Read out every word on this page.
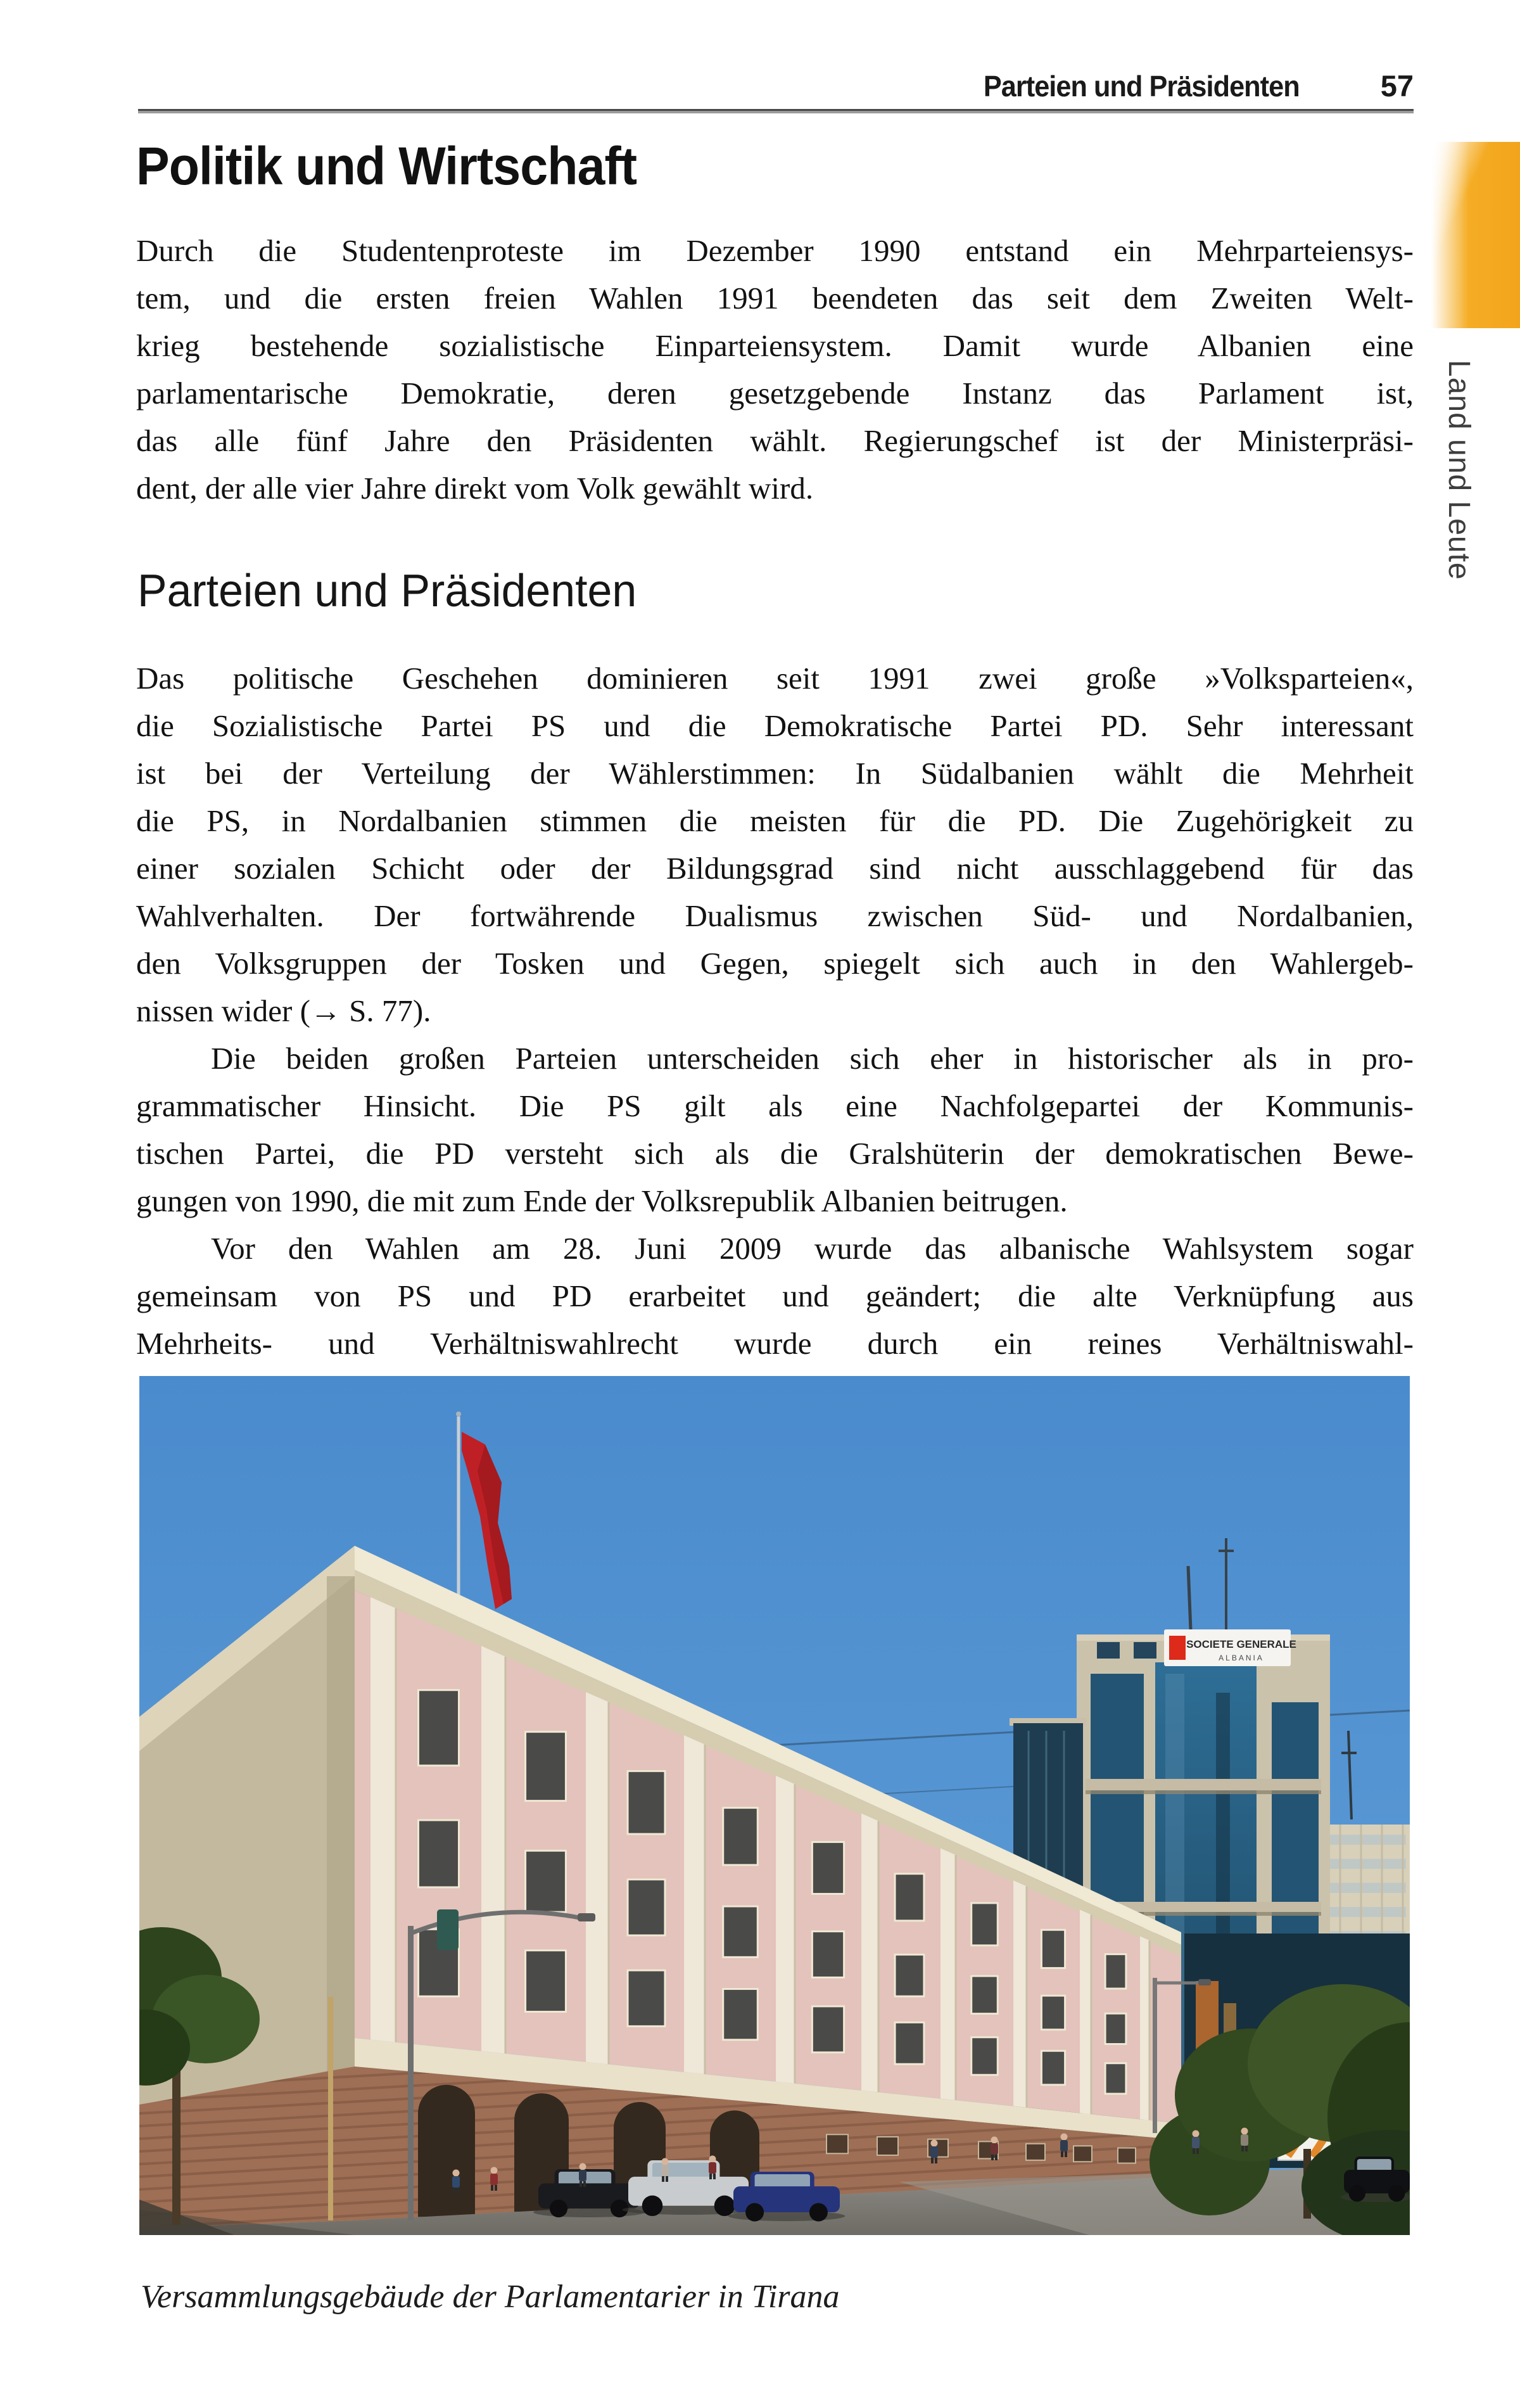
Parteien und Präsidenten	57
Politik und Wirtschaft
Durch die Studentenproteste im Dezember 1990 entstand ein Mehrparteiensys-
tem, und die ersten freien Wahlen 1991 beendeten das seit dem Zweiten Welt-
krieg bestehende sozialistische Einparteiensystem. Damit wurde Albanien eine
parlamentarische Demokratie, deren gesetzgebende Instanz das Parlament ist,
das alle fünf Jahre den Präsidenten wählt. Regierungschef ist der Ministerpräsi-
dent, der alle vier Jahre direkt vom Volk gewählt wird.
Parteien und Präsidenten
Das politische Geschehen dominieren seit 1991 zwei große »Volksparteien«,
die Sozialistische Partei PS und die Demokratische Partei PD. Sehr interessant
ist bei der Verteilung der Wählerstimmen: In Südalbanien wählt die Mehrheit
die PS, in Nordalbanien stimmen die meisten für die PD. Die Zugehörigkeit zu
einer sozialen Schicht oder der Bildungsgrad sind nicht ausschlaggebend für das
Wahlverhalten. Der fortwährende Dualismus zwischen Süd- und Nordalbanien,
den Volksgruppen der Tosken und Gegen, spiegelt sich auch in den Wahlergeb-
nissen wider (→ S. 77).
Die beiden großen Parteien unterscheiden sich eher in historischer als in pro-
grammatischer Hinsicht. Die PS gilt als eine Nachfolgepartei der Kommunis-
tischen Partei, die PD versteht sich als die Gralshüterin der demokratischen Bewe-
gungen von 1990, die mit zum Ende der Volksrepublik Albanien beitrugen.
Vor den Wahlen am 28. Juni 2009 wurde das albanische Wahlsystem sogar
gemeinsam von PS und PD erarbeitet und geändert; die alte Verknüpfung aus
Mehrheits- und Verhältniswahlrecht wurde durch ein reines Verhältniswahl-
SOCIETE GENERALE
ALBANIA
Versammlungsgebäude der Parlamentarier in Tirana
Land und Leute
